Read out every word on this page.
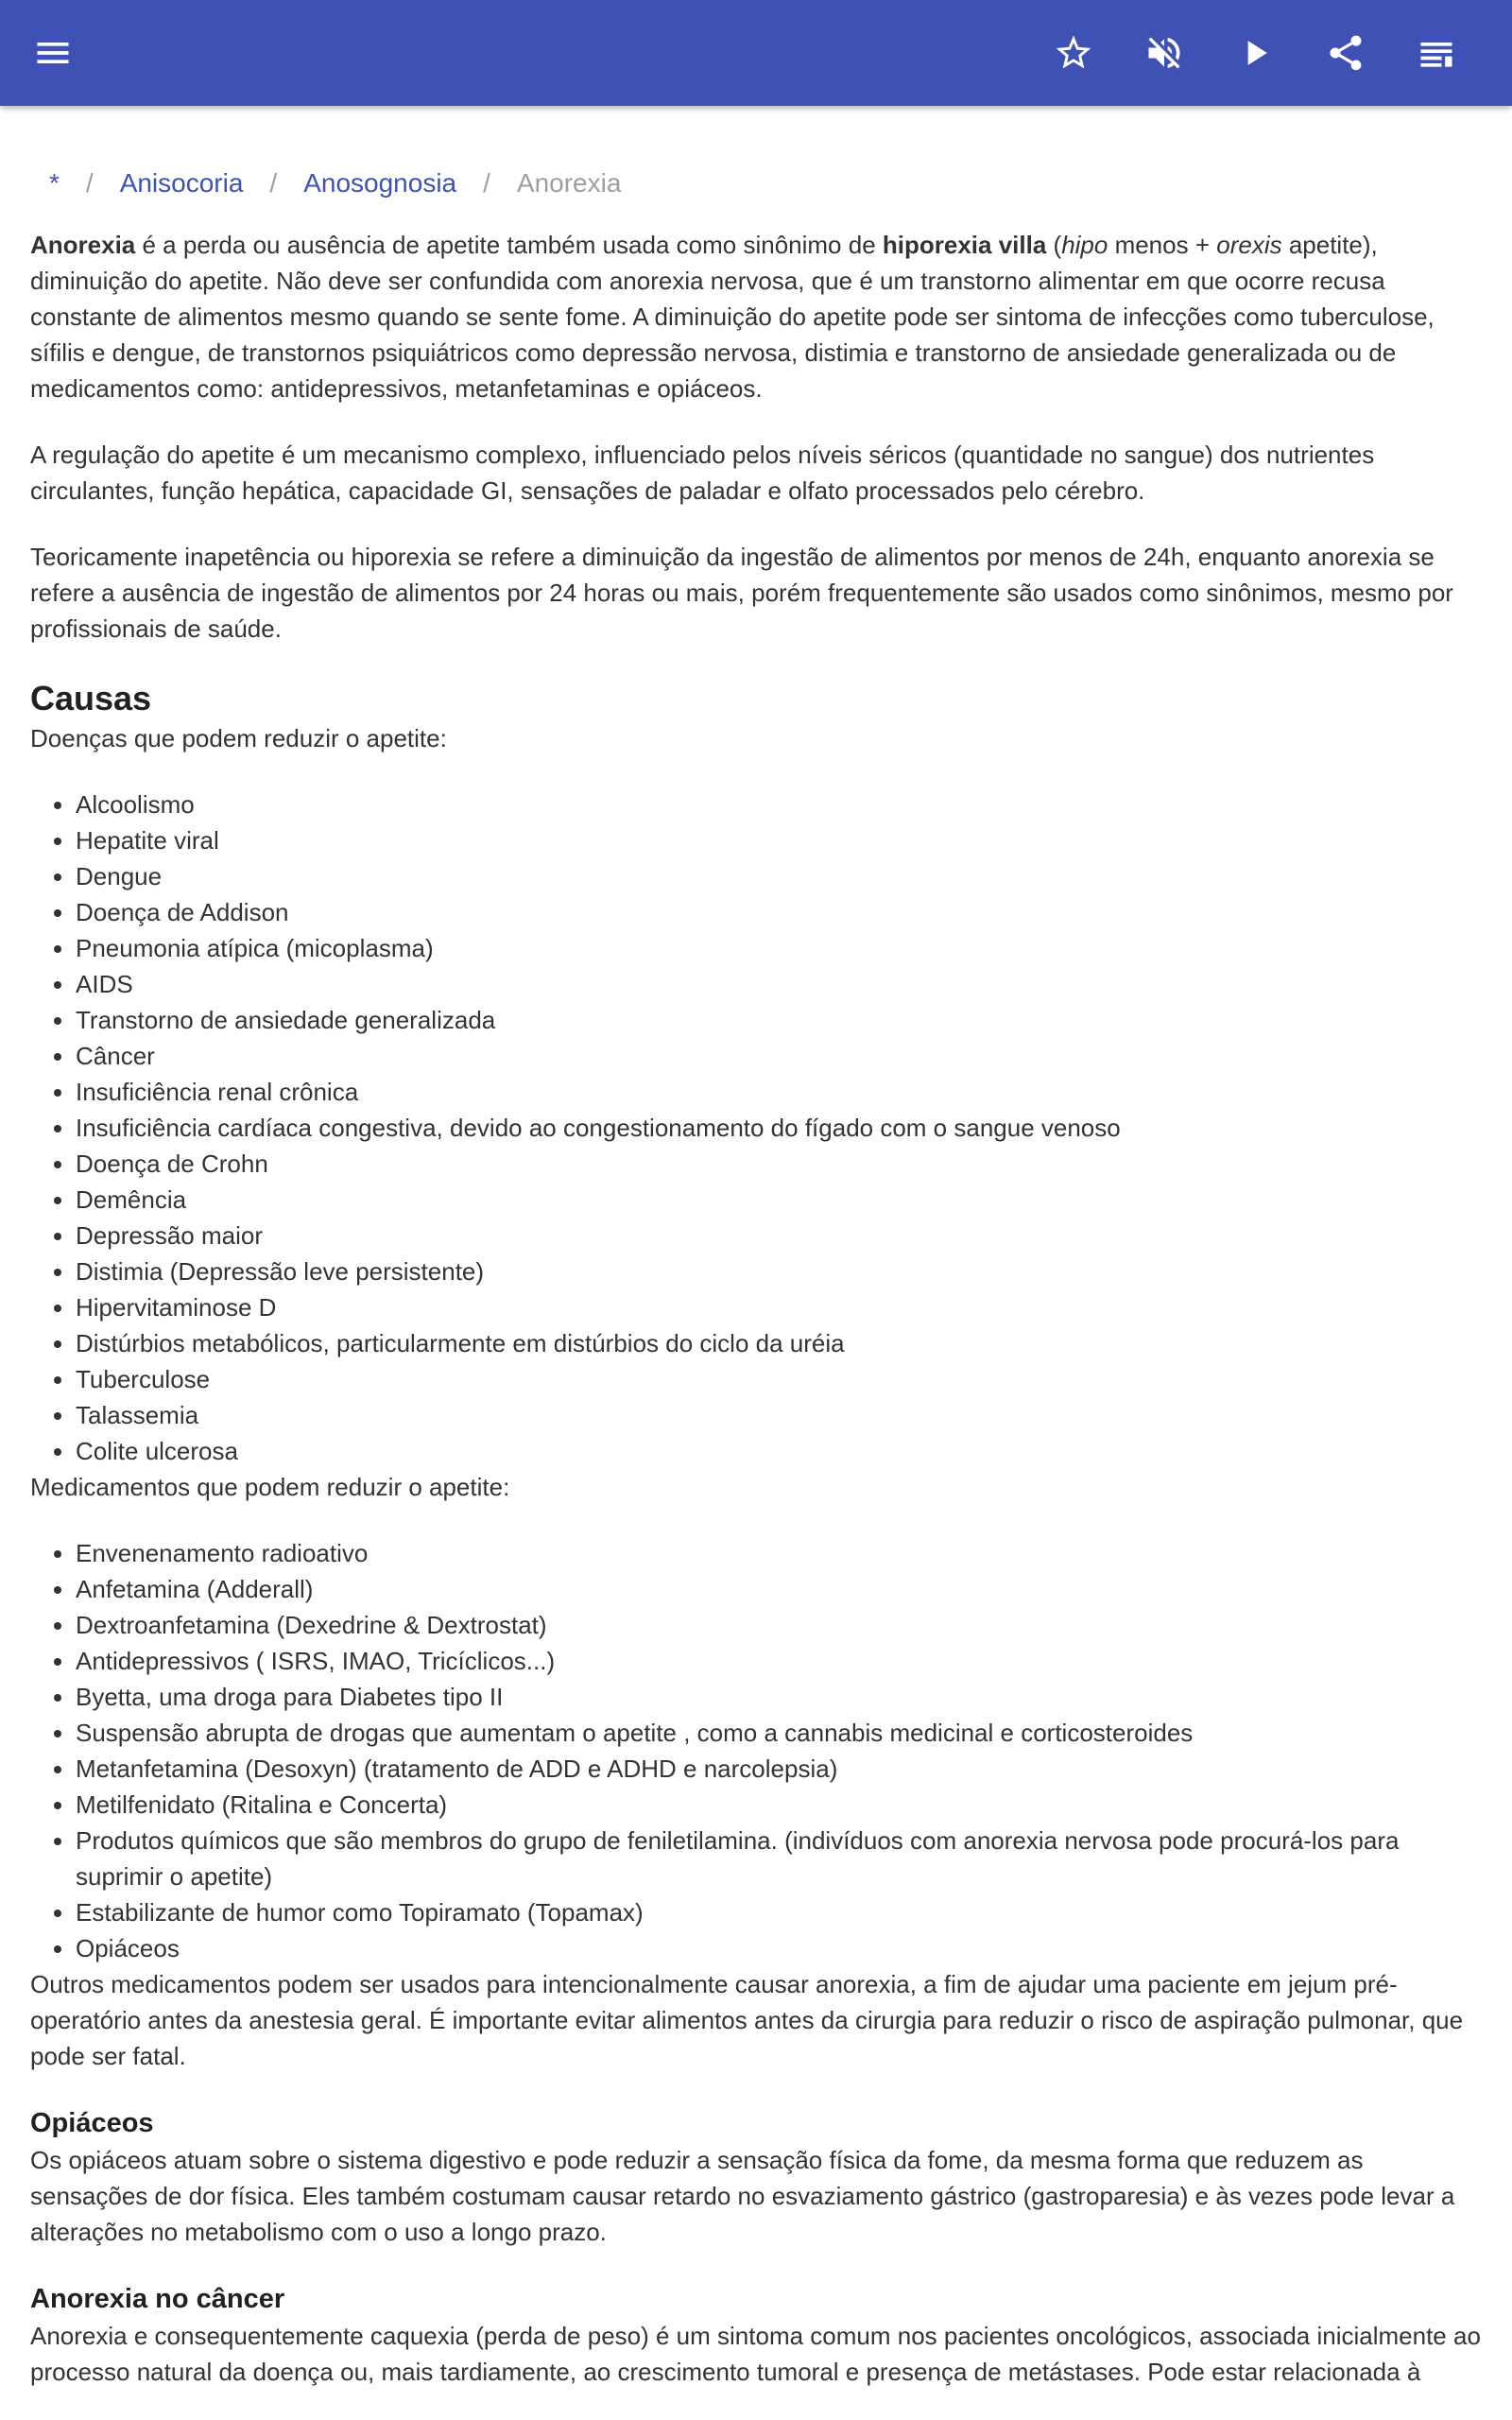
* / Anisocoria / Anosognosia / Anorexia

Anorexia é a perda ou ausência de apetite também usada como sinônimo de hiporexia villa (hipo menos + orexis apetite), diminuição do apetite. Não deve ser confundida com anorexia nervosa, que é um transtorno alimentar em que ocorre recusa constante de alimentos mesmo quando se sente fome. A diminuição do apetite pode ser sintoma de infecções como tuberculose, sífilis e dengue, de transtornos psiquiátricos como depressão nervosa, distimia e transtorno de ansiedade generalizada ou de medicamentos como: antidepressivos, metanfetaminas e opiáceos.

A regulação do apetite é um mecanismo complexo, influenciado pelos níveis séricos (quantidade no sangue) dos nutrientes circulantes, função hepática, capacidade GI, sensações de paladar e olfato processados pelo cérebro.

Teoricamente inapetência ou hiporexia se refere a diminuição da ingestão de alimentos por menos de 24h, enquanto anorexia se refere a ausência de ingestão de alimentos por 24 horas ou mais, porém frequentemente são usados como sinônimos, mesmo por profissionais de saúde.

Causas
Doenças que podem reduzir o apetite:
• Alcoolismo
• Hepatite viral
• Dengue
• Doença de Addison
• Pneumonia atípica (micoplasma)
• AIDS
• Transtorno de ansiedade generalizada
• Câncer
• Insuficiência renal crônica
• Insuficiência cardíaca congestiva, devido ao congestionamento do fígado com o sangue venoso
• Doença de Crohn
• Demência
• Depressão maior
• Distimia (Depressão leve persistente)
• Hipervitaminose D
• Distúrbios metabólicos, particularmente em distúrbios do ciclo da uréia
• Tuberculose
• Talassemia
• Colite ulcerosa
Medicamentos que podem reduzir o apetite:
• Envenenamento radioativo
• Anfetamina (Adderall)
• Dextroanfetamina (Dexedrine & Dextrostat)
• Antidepressivos ( ISRS, IMAO, Tricíclicos...)
• Byetta, uma droga para Diabetes tipo II
• Suspensão abrupta de drogas que aumentam o apetite , como a cannabis medicinal e corticosteroides
• Metanfetamina (Desoxyn) (tratamento de ADD e ADHD e narcolepsia)
• Metilfenidato (Ritalina e Concerta)
• Produtos químicos que são membros do grupo de feniletilamina. (indivíduos com anorexia nervosa pode procurá-los para suprimir o apetite)
• Estabilizante de humor como Topiramato (Topamax)
• Opiáceos

Outros medicamentos podem ser usados para intencionalmente causar anorexia, a fim de ajudar uma paciente em jejum pré-operatório antes da anestesia geral. É importante evitar alimentos antes da cirurgia para reduzir o risco de aspiração pulmonar, que pode ser fatal.

Opiáceos

Os opiáceos atuam sobre o sistema digestivo e pode reduzir a sensação física da fome, da mesma forma que reduzem as sensações de dor física. Eles também costumam causar retardo no esvaziamento gástrico (gastroparesia) e às vezes pode levar a alterações no metabolismo com o uso a longo prazo.

Anorexia no câncer

Anorexia e consequentemente caquexia (perda de peso) é um sintoma comum nos pacientes oncológicos, associada inicialmente ao processo natural da doença ou, mais tardiamente, ao crescimento tumoral e presença de metástases. Pode estar relacionada à
